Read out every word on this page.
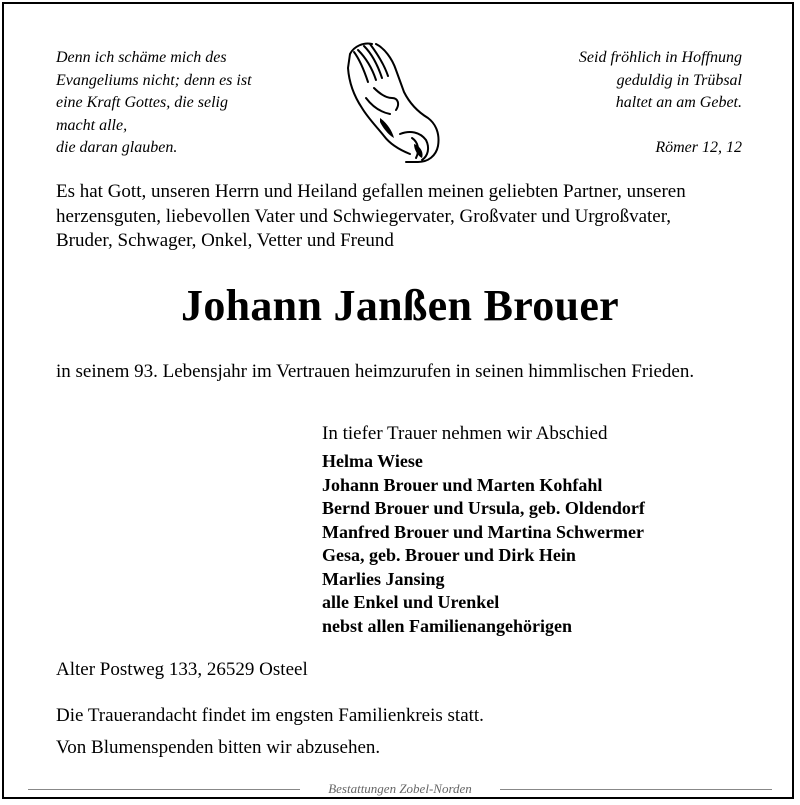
Denn ich schäme mich des
Evangeliums nicht; denn es ist
eine Kraft Gottes, die selig
macht alle,
die daran glauben.
Seid fröhlich in Hoffnung
geduldig in Trübsal
haltet an am Gebet.
Römer 12, 12
Es hat Gott, unseren Herrn und Heiland gefallen meinen geliebten Partner, unseren
herzensguten, liebevollen Vater und Schwiegervater, Großvater und Urgroßvater,
Bruder, Schwager, Onkel, Vetter und Freund
Johann Janßen Brouer
in seinem 93. Lebensjahr im Vertrauen heimzurufen in seinen himmlischen Frieden.
In tiefer Trauer nehmen wir Abschied
Helma Wiese
Johann Brouer und Marten Kohfahl
Bernd Brouer und Ursula, geb. Oldendorf
Manfred Brouer und Martina Schwermer
Gesa, geb. Brouer und Dirk Hein
Marlies Jansing
alle Enkel und Urenkel
nebst allen Familienangehörigen
Alter Postweg 133, 26529 Osteel
Die Trauerandacht findet im engsten Familienkreis statt.
Von Blumenspenden bitten wir abzusehen.
Bestattungen Zobel-Norden
